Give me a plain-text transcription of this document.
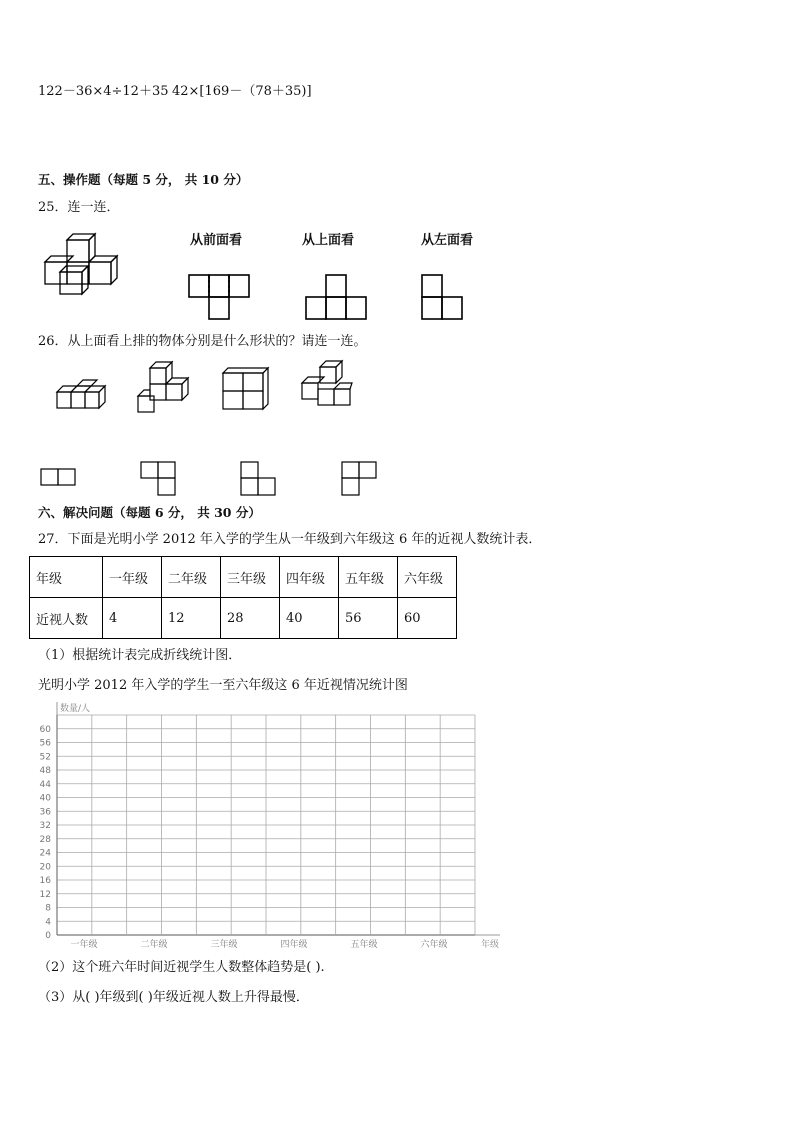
122－36×4÷12＋35 42×[169－（78＋35)]
五、操作题（每题 5 分， 共 10 分）
25．连一连．
从前面看	从上面看	从左面看
26．从上面看上排的物体分别是什么形状的？请连一连。
六、解决问题（每题 6 分， 共 30 分）
27．下面是光明小学 2012 年入学的学生从一年级到六年级这 6 年的近视人数统计表．
年级	一年级	二年级	三年级	四年级	五年级	六年级
近视人数	4	12	28	40	56	60
（1）根据统计表完成折线统计图．
光明小学 2012 年入学的学生一至六年级这 6 年近视情况统计图
0
4
8
12
16
20
24
28
32
36
40
44
48
52
56
60
一年级	二年级	三年级	四年级	五年级	六年级
数量/人
年级
（2）这个班六年时间近视学生人数整体趋势是( ).
（3）从( )年级到( )年级近视人数上升得最慢．
